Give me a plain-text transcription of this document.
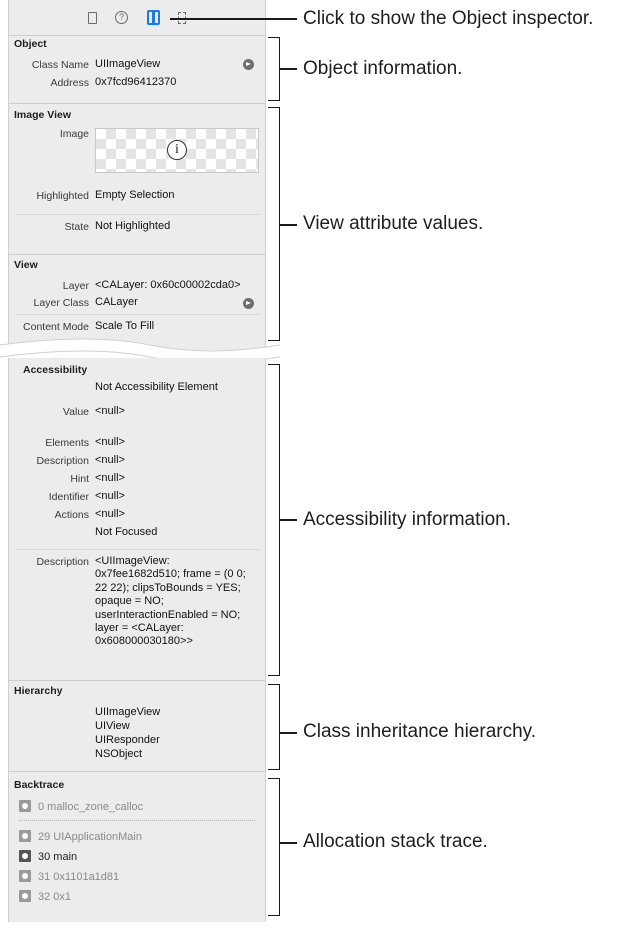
?
Object
Class Name UIImageView
Address 0x7fcd96412370
Image View
Image
i
Highlighted Empty Selection
State Not Highlighted
View
Layer <CALayer: 0x60c00002cda0>
Layer Class CALayer
Content Mode Scale To Fill
Accessibility
Not Accessibility Element
Value <null>
Elements <null>
Description <null>
Hint <null>
Identifier <null>
Actions <null>
Not Focused
Description <UIImageView:
0x7fee1682d510; frame = (0 0;
22 22); clipsToBounds = YES;
opaque = NO;
userInteractionEnabled = NO;
layer = <CALayer:
0x608000030180>>
Hierarchy
UIImageView
UIView
UIResponder
NSObject
Backtrace
0 malloc_zone_calloc
29 UIApplicationMain
30 main
31 0x1101a1d81
32 0x1
Click to show the Object inspector.
Object information.
View attribute values.
Accessibility information.
Class inheritance hierarchy.
Allocation stack trace.
